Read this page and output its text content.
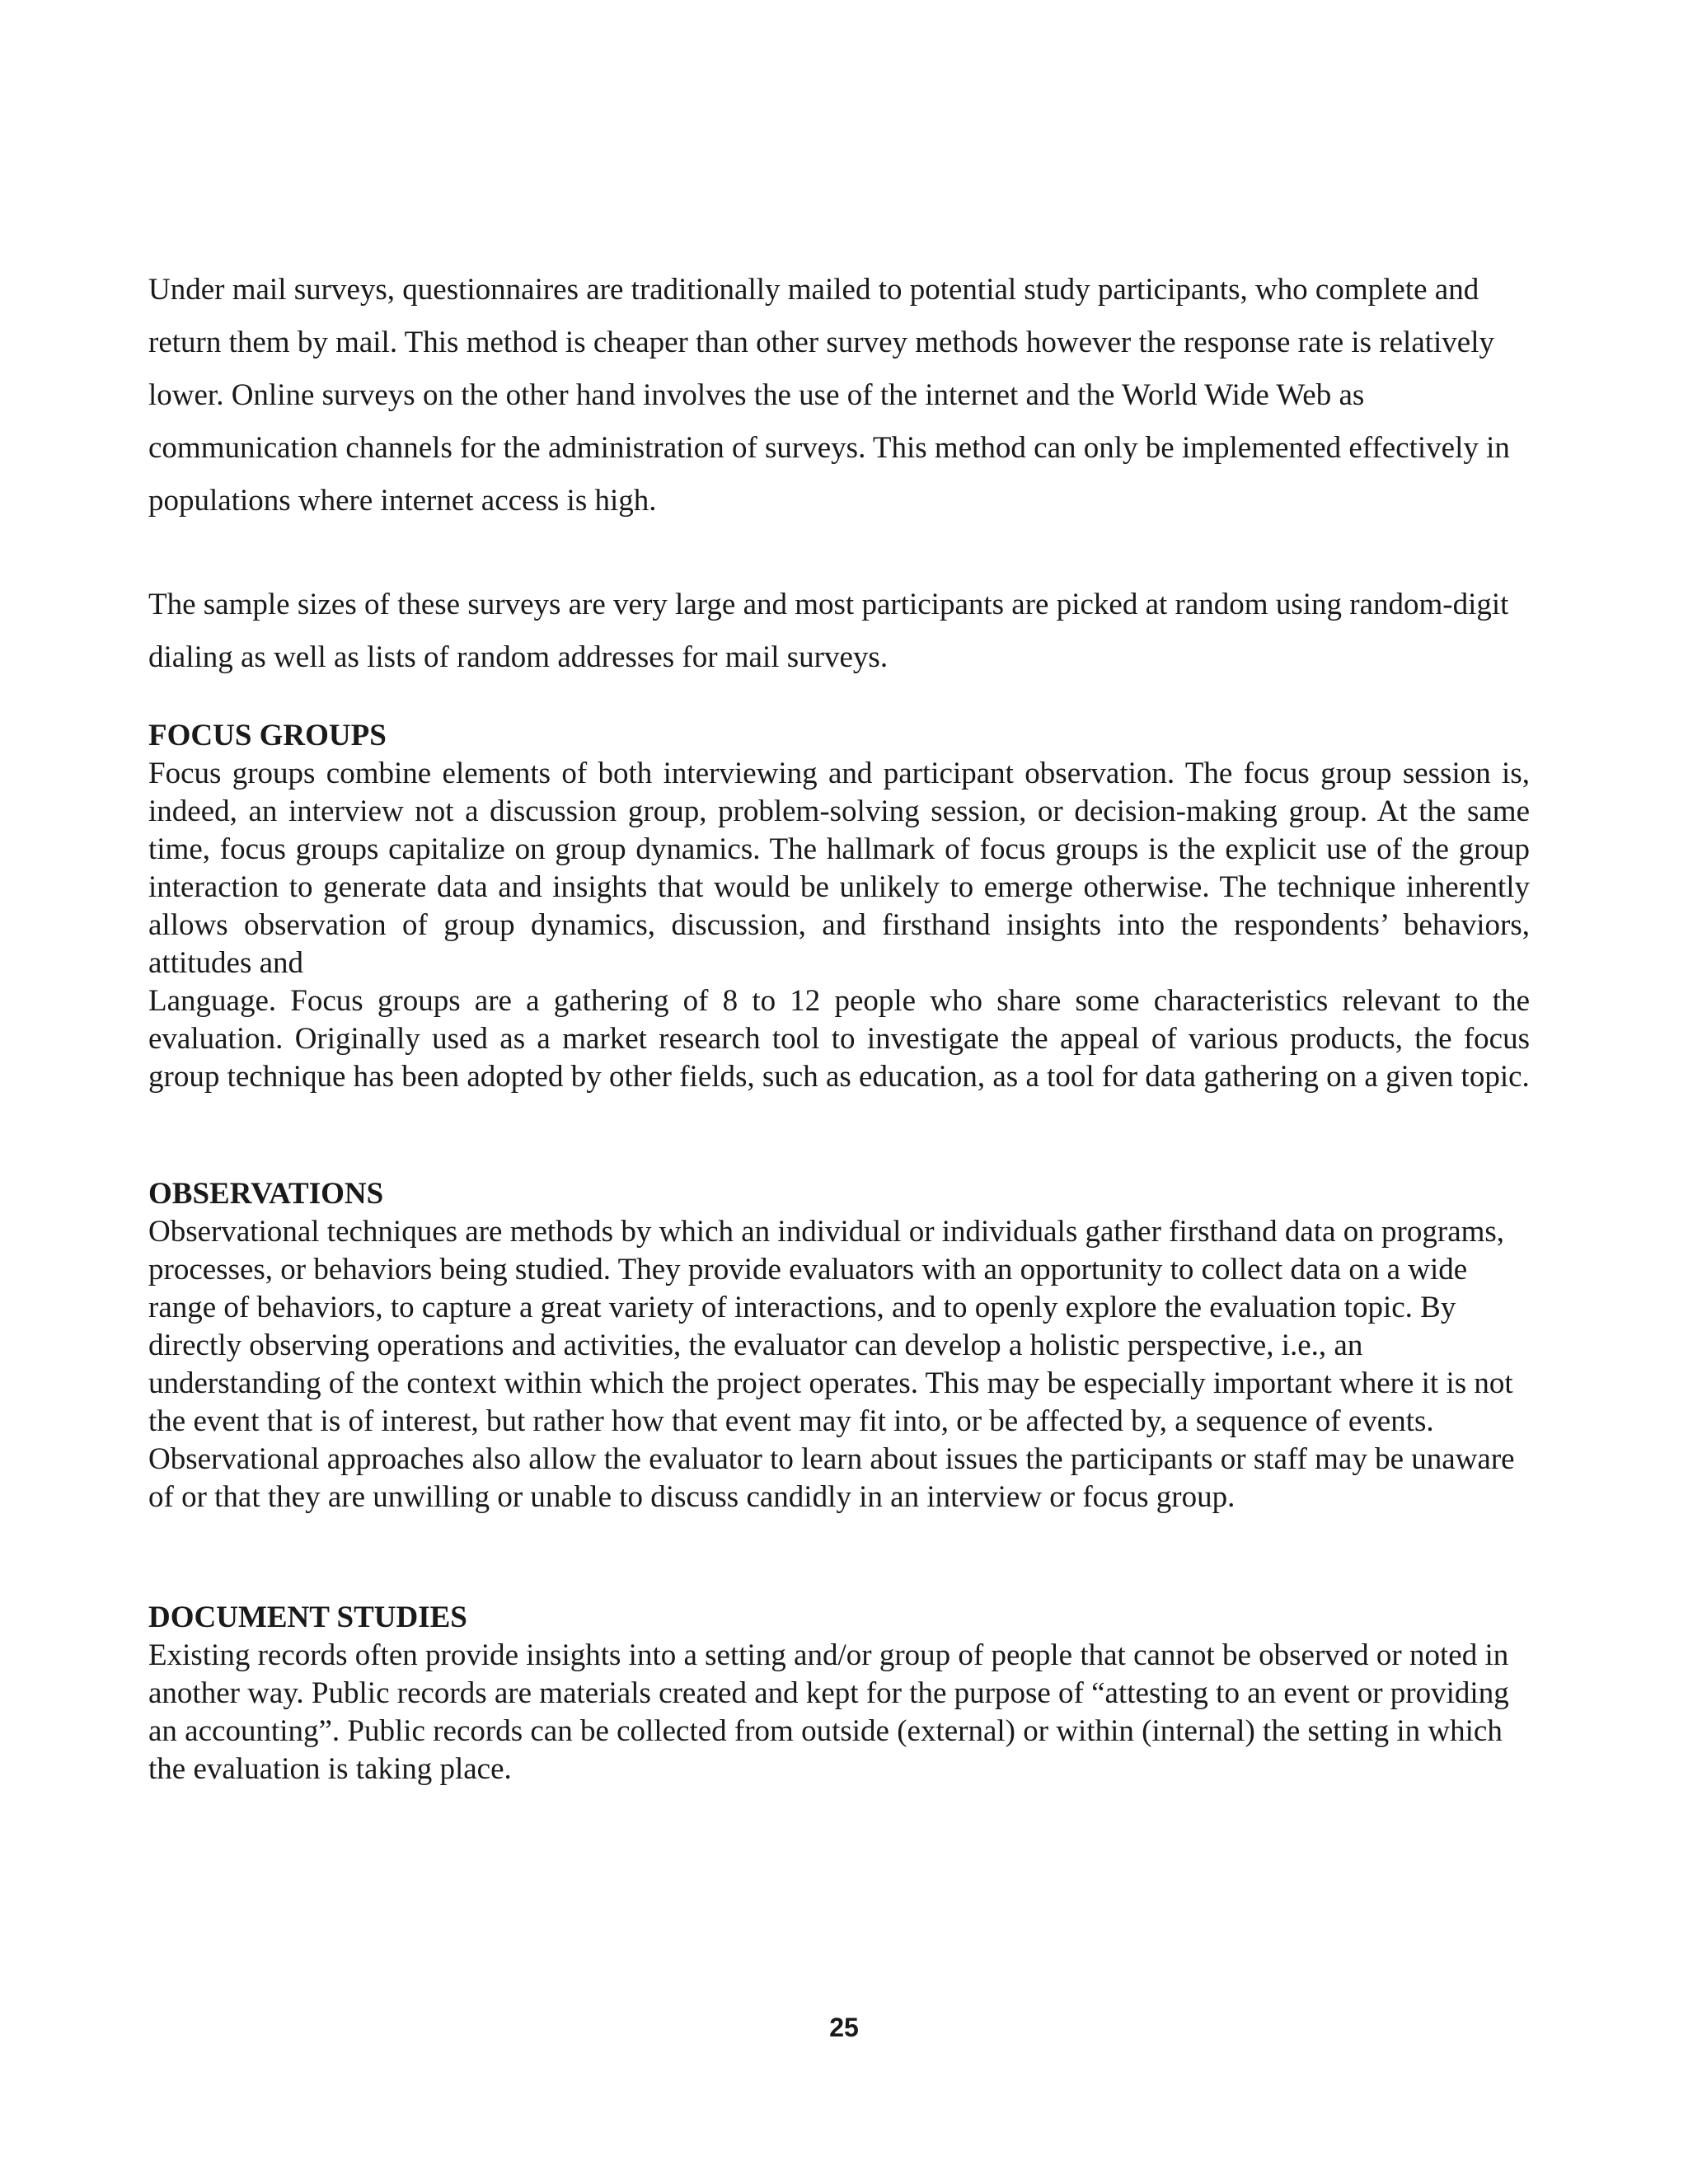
Under mail surveys, questionnaires are traditionally mailed to potential study participants, who complete and return them by mail. This method is cheaper than other survey methods however the response rate is relatively lower. Online surveys on the other hand involves the use of the internet and the World Wide Web as communication channels for the administration of surveys. This method can only be implemented effectively in populations where internet access is high.

The sample sizes of these surveys are very large and most participants are picked at random using random-digit dialing as well as lists of random addresses for mail surveys.

FOCUS GROUPS

Focus groups combine elements of both interviewing and participant observation. The focus group session is, indeed, an interview not a discussion group, problem-solving session, or decision-making group. At the same time, focus groups capitalize on group dynamics. The hallmark of focus groups is the explicit use of the group interaction to generate data and insights that would be unlikely to emerge otherwise. The technique inherently allows observation of group dynamics, discussion, and firsthand insights into the respondents’ behaviors, attitudes and

Language. Focus groups are a gathering of 8 to 12 people who share some characteristics relevant to the evaluation. Originally used as a market research tool to investigate the appeal of various products, the focus group technique has been adopted by other fields, such as education, as a tool for data gathering on a given topic.

OBSERVATIONS

Observational techniques are methods by which an individual or individuals gather firsthand data on programs, processes, or behaviors being studied. They provide evaluators with an opportunity to collect data on a wide range of behaviors, to capture a great variety of interactions, and to openly explore the evaluation topic. By directly observing operations and activities, the evaluator can develop a holistic perspective, i.e., an understanding of the context within which the project operates. This may be especially important where it is not the event that is of interest, but rather how that event may fit into, or be affected by, a sequence of events. Observational approaches also allow the evaluator to learn about issues the participants or staff may be unaware of or that they are unwilling or unable to discuss candidly in an interview or focus group.

DOCUMENT STUDIES

Existing records often provide insights into a setting and/or group of people that cannot be observed or noted in another way. Public records are materials created and kept for the purpose of “attesting to an event or providing an accounting”. Public records can be collected from outside (external) or within (internal) the setting in which the evaluation is taking place.

25
